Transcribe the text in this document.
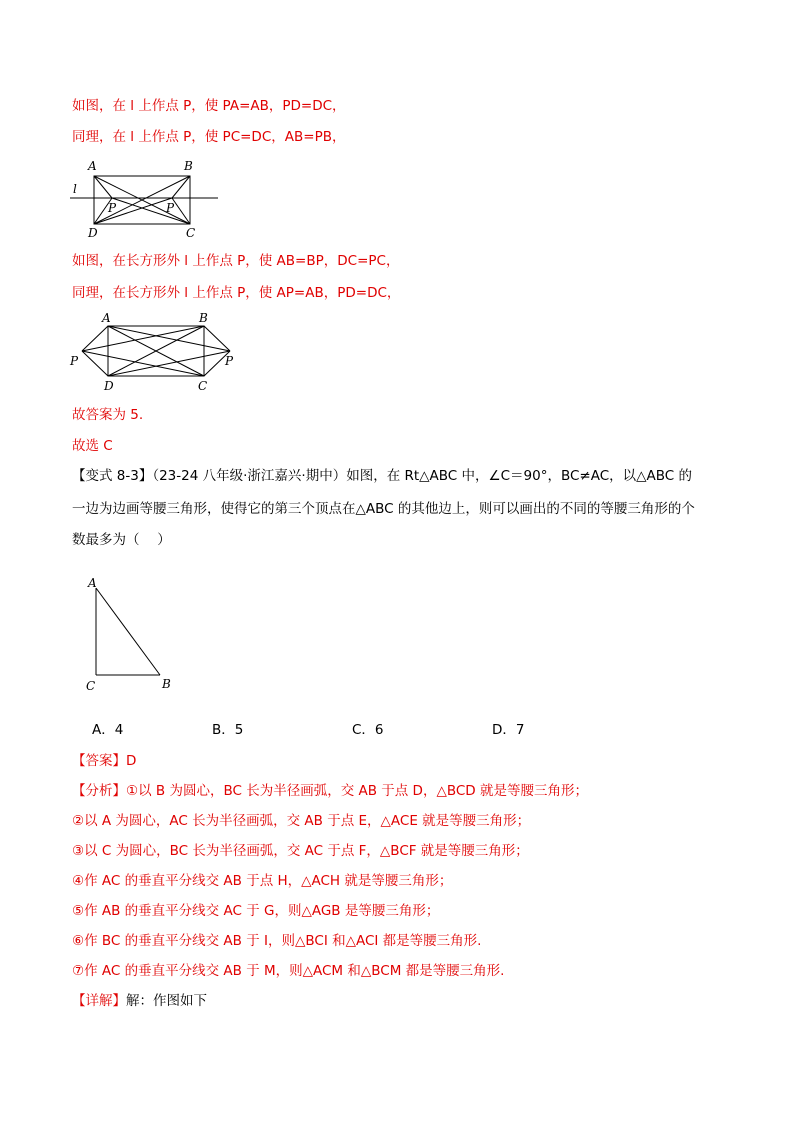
如图，在 l 上作点 P，使 PA=AB，PD=DC，
同理，在 l 上作点 P，使 PC=DC，AB=PB，
A	B
D	C
l
P	P
如图，在长方形外 l 上作点 P，使 AB=BP，DC=PC，
同理，在长方形外 l 上作点 P，使 AP=AB，PD=DC，
A	B
D	C
P	P
故答案为 5.
故选 C
【变式 8-3】（23-24 八年级·浙江嘉兴·期中）如图，在 Rt△ABC 中，∠C＝90°，BC≠AC，以△ABC 的
一边为边画等腰三角形，使得它的第三个顶点在△ABC 的其他边上，则可以画出的不同的等腰三角形的个
数最多为（　 ）
A
C	B
A．4	B．5	C．6	D．7
【答案】D
【分析】①以 B 为圆心，BC 长为半径画弧，交 AB 于点 D，△BCD 就是等腰三角形；
②以 A 为圆心，AC 长为半径画弧，交 AB 于点 E，△ACE 就是等腰三角形；
③以 C 为圆心，BC 长为半径画弧，交 AC 于点 F，△BCF 就是等腰三角形；
④作 AC 的垂直平分线交 AB 于点 H，△ACH 就是等腰三角形；
⑤作 AB 的垂直平分线交 AC 于 G，则△AGB 是等腰三角形；
⑥作 BC 的垂直平分线交 AB 于 I，则△BCI 和△ACI 都是等腰三角形.
⑦作 AC 的垂直平分线交 AB 于 M，则△ACM 和△BCM 都是等腰三角形.
【详解】解：作图如下
